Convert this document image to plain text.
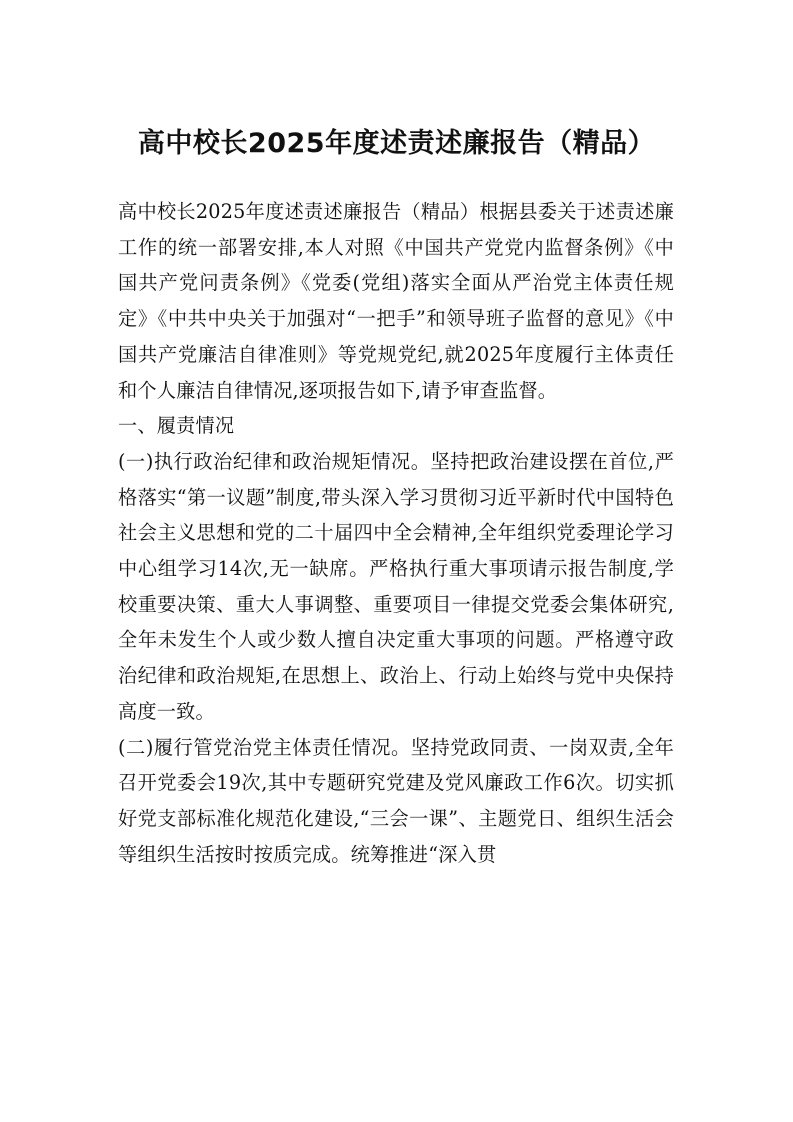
高中校长2025年度述责述廉报告（精品）

高中校长2025年度述责述廉报告（精品）根据县委关于述责述廉工作的统一部署安排,本人对照《中国共产党党内监督条例》《中国共产党问责条例》《党委(党组)落实全面从严治党主体责任规定》《中共中央关于加强对“一把手”和领导班子监督的意见》《中国共产党廉洁自律准则》等党规党纪,就2025年度履行主体责任和个人廉洁自律情况,逐项报告如下,请予审查监督。

一、履责情况

(一)执行政治纪律和政治规矩情况。坚持把政治建设摆在首位,严格落实“第一议题”制度,带头深入学习贯彻习近平新时代中国特色社会主义思想和党的二十届四中全会精神,全年组织党委理论学习中心组学习14次,无一缺席。严格执行重大事项请示报告制度,学校重要决策、重大人事调整、重要项目一律提交党委会集体研究,全年未发生个人或少数人擅自决定重大事项的问题。严格遵守政治纪律和政治规矩,在思想上、政治上、行动上始终与党中央保持高度一致。

(二)履行管党治党主体责任情况。坚持党政同责、一岗双责,全年召开党委会19次,其中专题研究党建及党风廉政工作6次。切实抓好党支部标准化规范化建设,“三会一课”、主题党日、组织生活会等组织生活按时按质完成。统筹推进“深入贯
